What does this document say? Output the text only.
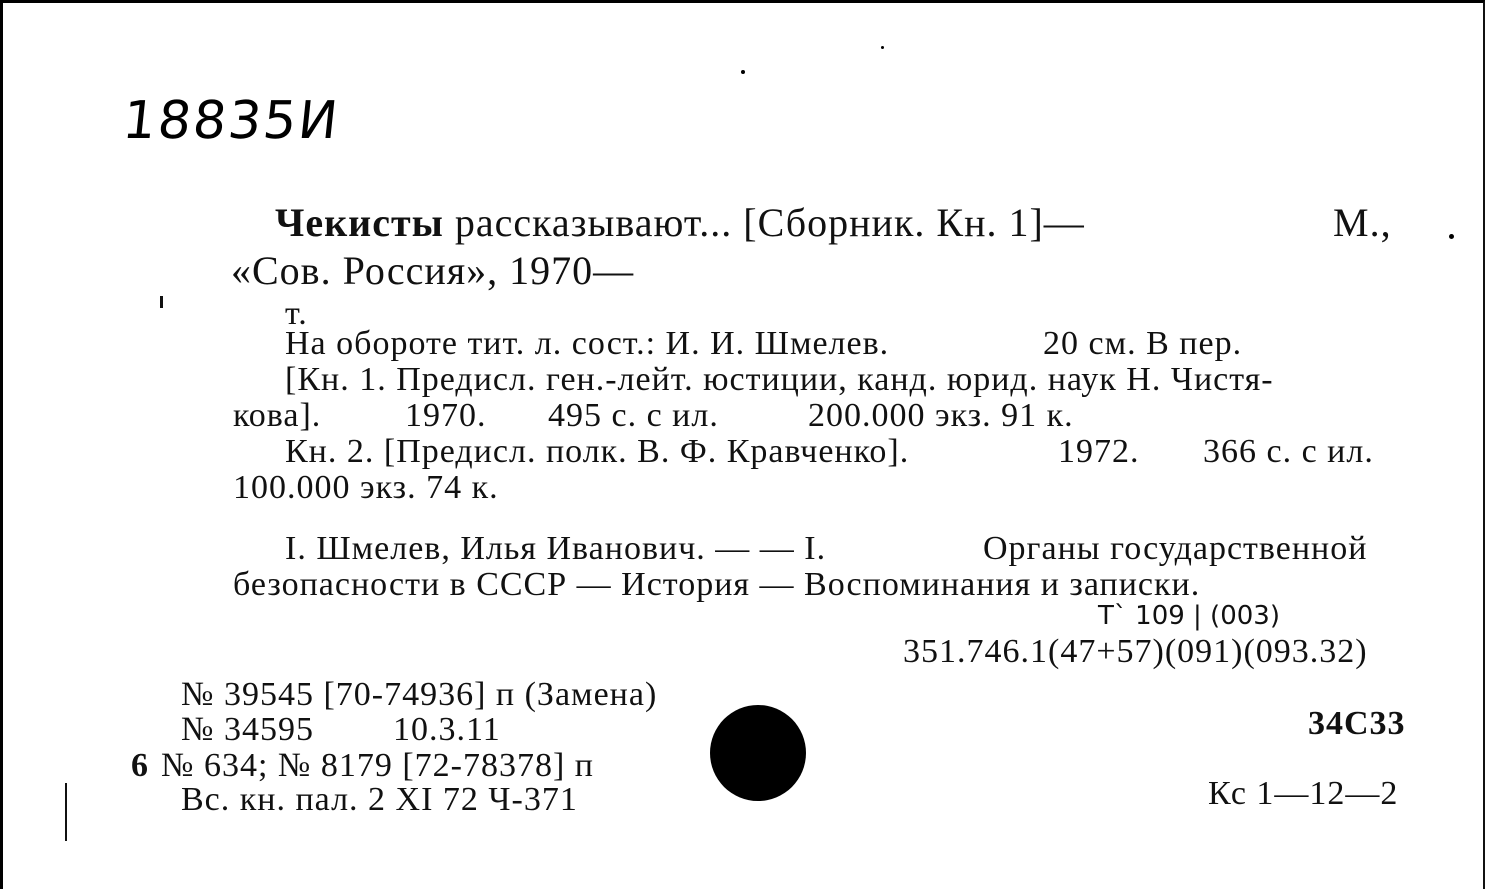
18835И
Чекисты рассказывают... [Сборник. Кн. 1]—	М.,
«Сов. Россия», 1970—
т.
На обороте тит. л. сост.: И. И. Шмелев.	20 см. В пер.
[Кн. 1. Предисл. ген.-лейт. юстиции, канд. юрид. наук Н. Чистя-
кова]. 1970. 495 с. с ил.	200.000 экз. 91 к.
Кн. 2. [Предисл. полк. В. Ф. Кравченко].	1972. 366 с. с ил.
100.000 экз. 74 к.
I. Шмелев, Илья Иванович. — — I.	Органы государственной
безопасности в СССР — История — Воспоминания и записки.
T` 109 | (003)
351.746.1(47+57)(091)(093.32)
№ 39545 [70-74936] п (Замена)
34С33
№ 34595 10.3.11
6 № 634; № 8179 [72-78378] п
Вс. кн. пал. 2 XI 72 Ч-371	Кс 1—12—2
